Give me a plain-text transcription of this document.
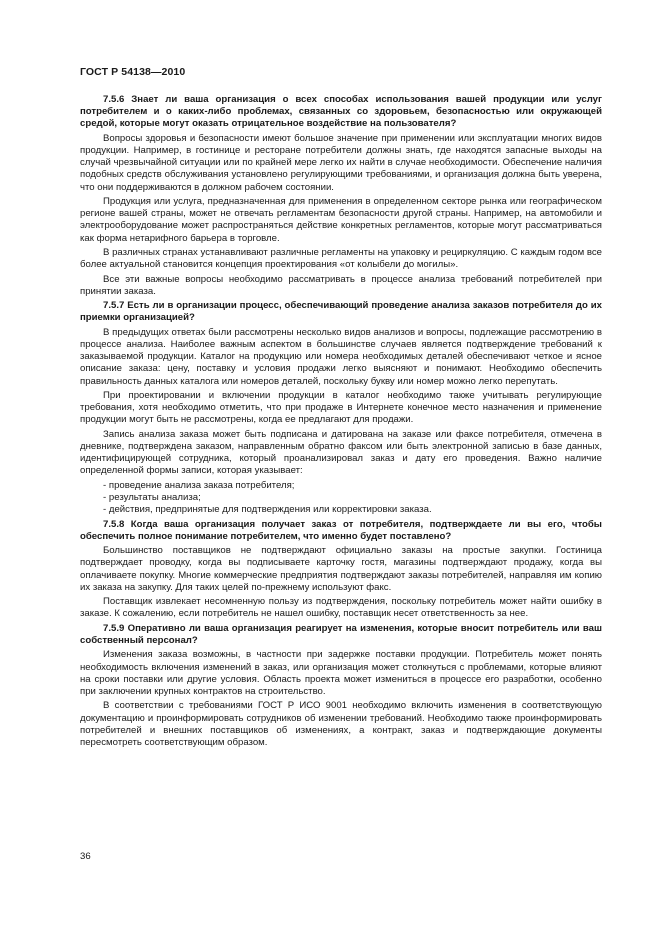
ГОСТ Р 54138—2010

7.5.6 Знает ли ваша организация о всех способах использования вашей продукции или услуг потребителем и о каких-либо проблемах, связанных со здоровьем, безопасностью или окружающей средой, которые могут оказать отрицательное воздействие на пользователя?

Вопросы здоровья и безопасности имеют большое значение при применении или эксплуатации многих видов продукции. Например, в гостинице и ресторане потребители должны знать, где находятся запасные выходы на случай чрезвычайной ситуации или по крайней мере легко их найти в случае необходимости. Обеспечение наличия подобных средств обслуживания установлено регулирующими требованиями, и организация должна быть уверена, что они поддерживаются в должном рабочем состоянии.

Продукция или услуга, предназначенная для применения в определенном секторе рынка или географическом регионе вашей страны, может не отвечать регламентам безопасности другой страны. Например, на автомобили и электрооборудование может распространяться действие конкретных регламентов, которые могут рассматриваться как форма нетарифного барьера в торговле.

В различных странах устанавливают различные регламенты на упаковку и рециркуляцию. С каждым годом все более актуальной становится концепция проектирования «от колыбели до могилы».

Все эти важные вопросы необходимо рассматривать в процессе анализа требований потребителей при принятии заказа.

7.5.7 Есть ли в организации процесс, обеспечивающий проведение анализа заказов потребителя до их приемки организацией?

В предыдущих ответах были рассмотрены несколько видов анализов и вопросы, подлежащие рассмотрению в процессе анализа. Наиболее важным аспектом в большинстве случаев является подтверждение требований к заказываемой продукции. Каталог на продукцию или номера необходимых деталей обеспечивают четкое и ясное описание заказа: цену, поставку и условия продажи легко выясняют и понимают. Необходимо обеспечить правильность данных каталога или номеров деталей, поскольку букву или номер можно легко перепутать.

При проектировании и включении продукции в каталог необходимо также учитывать регулирующие требования, хотя необходимо отметить, что при продаже в Интернете конечное место назначения и применение продукции могут быть не рассмотрены, когда ее предлагают для продажи.

Запись анализа заказа может быть подписана и датирована на заказе или факсе потребителя, отмечена в дневнике, подтверждена заказом, направленным обратно факсом или быть электронной записью в базе данных, идентифицирующей сотрудника, который проанализировал заказ и дату его проведения. Важно наличие определенной формы записи, которая указывает:

- проведение анализа заказа потребителя;
- результаты анализа;
- действия, предпринятые для подтверждения или корректировки заказа.

7.5.8 Когда ваша организация получает заказ от потребителя, подтверждаете ли вы его, чтобы обеспечить полное понимание потребителем, что именно будет поставлено?

Большинство поставщиков не подтверждают официально заказы на простые закупки. Гостиница подтверждает проводку, когда вы подписываете карточку гостя, магазины подтверждают продажу, когда вы оплачиваете покупку. Многие коммерческие предприятия подтверждают заказы потребителей, направляя им копию их заказа на закупку. Для таких целей по-прежнему используют факс.

Поставщик извлекает несомненную пользу из подтверждения, поскольку потребитель может найти ошибку в заказе. К сожалению, если потребитель не нашел ошибку, поставщик несет ответственность за нее.

7.5.9 Оперативно ли ваша организация реагирует на изменения, которые вносит потребитель или ваш собственный персонал?

Изменения заказа возможны, в частности при задержке поставки продукции. Потребитель может понять необходимость включения изменений в заказ, или организация может столкнуться с проблемами, которые влияют на сроки поставки или другие условия. Область проекта может измениться в процессе его разработки, особенно при заключении крупных контрактов на строительство.

В соответствии с требованиями ГОСТ Р ИСО 9001 необходимо включить изменения в соответствующую документацию и проинформировать сотрудников об изменении требований. Необходимо также проинформировать потребителей и внешних поставщиков об изменениях, а контракт, заказ и подтверждающие документы пересмотреть соответствующим образом.

36
